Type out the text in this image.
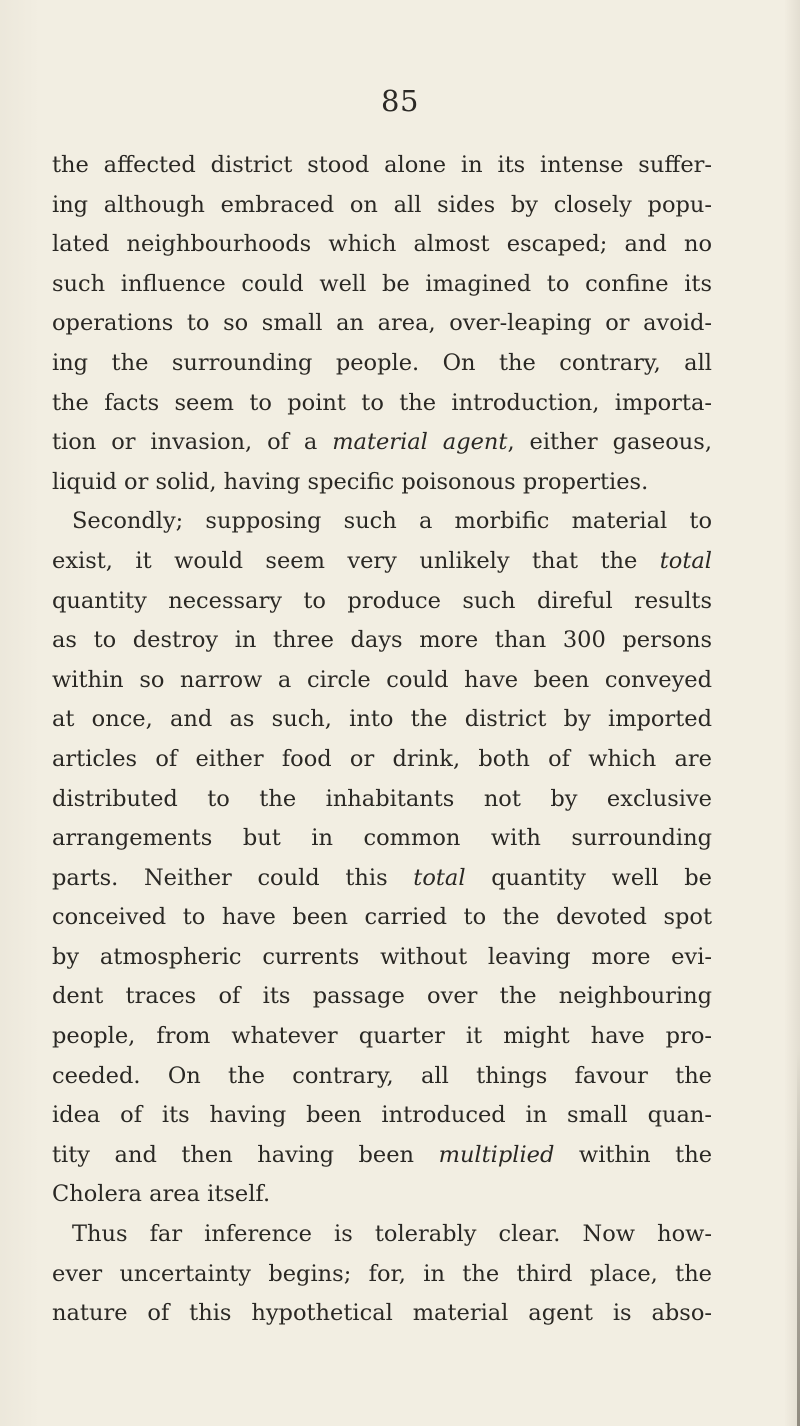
85
the affected district stood alone in its intense suffer-
ing although embraced on all sides by closely popu-
lated neighbourhoods which almost escaped; and no
such influence could well be imagined to confine its
operations to so small an area, over-leaping or avoid-
ing the surrounding people. On the contrary, all
the facts seem to point to the introduction, importa-
tion or invasion, of a material agent, either gaseous,
liquid or solid, having specific poisonous properties.
Secondly; supposing such a morbific material to
exist, it would seem very unlikely that the total
quantity necessary to produce such direful results
as to destroy in three days more than 300 persons
within so narrow a circle could have been conveyed
at once, and as such, into the district by imported
articles of either food or drink, both of which are
distributed to the inhabitants not by exclusive
arrangements but in common with surrounding
parts. Neither could this total quantity well be
conceived to have been carried to the devoted spot
by atmospheric currents without leaving more evi-
dent traces of its passage over the neighbouring
people, from whatever quarter it might have pro-
ceeded. On the contrary, all things favour the
idea of its having been introduced in small quan-
tity and then having been multiplied within the
Cholera area itself.
Thus far inference is tolerably clear. Now how-
ever uncertainty begins; for, in the third place, the
nature of this hypothetical material agent is abso-
